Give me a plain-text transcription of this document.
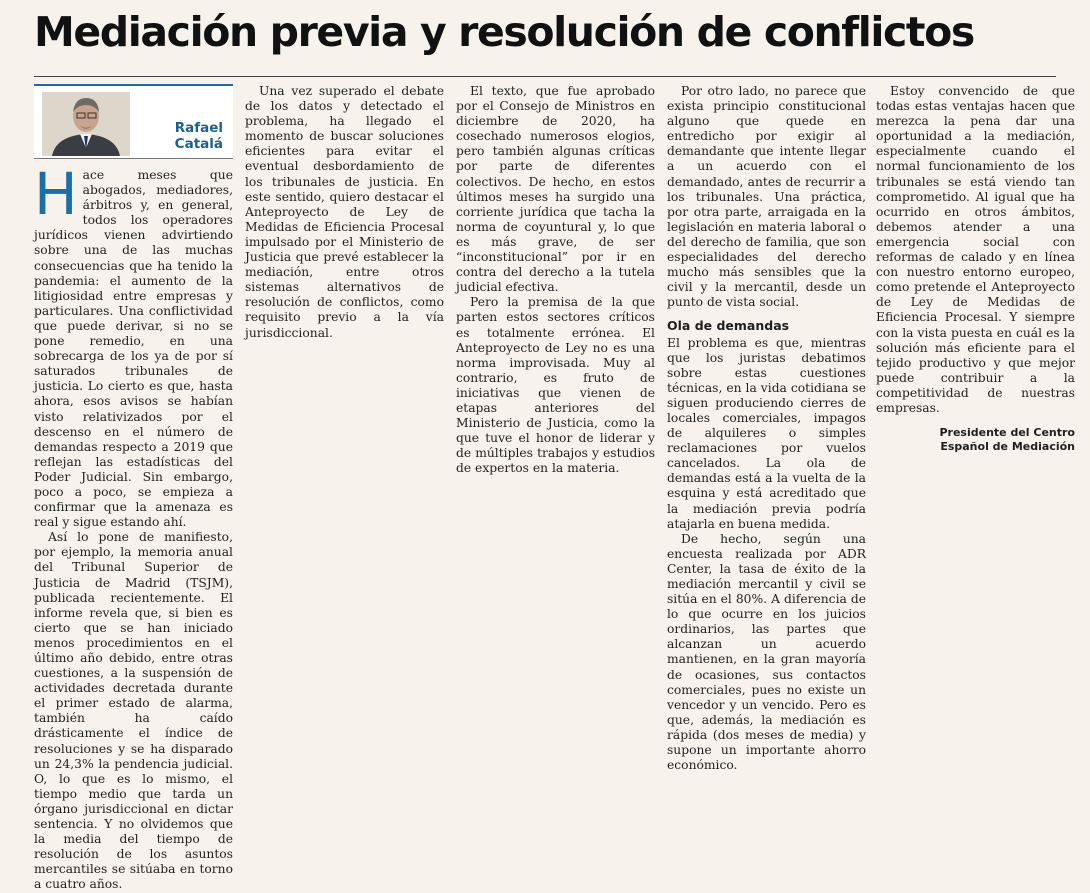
Mediación previa y resolución de conflictos
Rafael
Catalá

Hace meses que abogados, mediadores, árbitros y, en general, todos los operadores jurídicos vienen advirtiendo sobre una de las muchas consecuencias que ha tenido la pandemia: el aumento de la litigiosidad entre empresas y particulares. Una conflictividad que puede derivar, si no se pone remedio, en una sobrecarga de los ya de por sí saturados tribunales de justicia. Lo cierto es que, hasta ahora, esos avisos se habían visto relativizados por el descenso en el número de demandas respecto a 2019 que reflejan las estadísticas del Poder Judicial. Sin embargo, poco a poco, se empieza a confirmar que la amenaza es real y sigue estando ahí.

Así lo pone de manifiesto, por ejemplo, la memoria anual del Tribunal Superior de Justicia de Madrid (TSJM), publicada recientemente. El informe revela que, si bien es cierto que se han iniciado menos procedimientos en el último año debido, entre otras cuestiones, a la suspensión de actividades decretada durante el primer estado de alarma, también ha caído drásticamente el índice de resoluciones y se ha disparado un 24,3% la pendencia judicial. O, lo que es lo mismo, el tiempo medio que tarda un órgano jurisdiccional en dictar sentencia. Y no olvidemos que la media del tiempo de resolución de los asuntos mercantiles se sitúaba en torno a cuatro años.

Una vez superado el debate de los datos y detectado el problema, ha llegado el momento de buscar soluciones eficientes para evitar el eventual desbordamiento de los tribunales de justicia. En este sentido, quiero destacar el Anteproyecto de Ley de Medidas de Eficiencia Procesal impulsado por el Ministerio de Justicia que prevé establecer la mediación, entre otros sistemas alternativos de resolución de conflictos, como requisito previo a la vía jurisdiccional.

El texto, que fue aprobado por el Consejo de Ministros en diciembre de 2020, ha cosechado numerosos elogios, pero también algunas críticas por parte de diferentes colectivos. De hecho, en estos últimos meses ha surgido una corriente jurídica que tacha la norma de coyuntural y, lo que es más grave, de ser “inconstitucional” por ir en contra del derecho a la tutela judicial efectiva.

Pero la premisa de la que parten estos sectores críticos es totalmente errónea. El Anteproyecto de Ley no es una norma improvisada. Muy al contrario, es fruto de iniciativas que vienen de etapas anteriores del Ministerio de Justicia, como la que tuve el honor de liderar y de múltiples trabajos y estudios de expertos en la materia.

Por otro lado, no parece que exista principio constitucional alguno que quede en entredicho por exigir al demandante que intente llegar a un acuerdo con el demandado, antes de recurrir a los tribunales. Una práctica, por otra parte, arraigada en la legislación en materia laboral o del derecho de familia, que son especialidades del derecho mucho más sensibles que la civil y la mercantil, desde un punto de vista social.

Ola de demandas

El problema es que, mientras que los juristas debatimos sobre estas cuestiones técnicas, en la vida cotidiana se siguen produciendo cierres de locales comerciales, impagos de alquileres o simples reclamaciones por vuelos cancelados. La ola de demandas está a la vuelta de la esquina y está acreditado que la mediación previa podría atajarla en buena medida.

De hecho, según una encuesta realizada por ADR Center, la tasa de éxito de la mediación mercantil y civil se sitúa en el 80%. A diferencia de lo que ocurre en los juicios ordinarios, las partes que alcanzan un acuerdo mantienen, en la gran mayoría de ocasiones, sus contactos comerciales, pues no existe un vencedor y un vencido. Pero es que, además, la mediación es rápida (dos meses de media) y supone un importante ahorro económico.

Estoy convencido de que todas estas ventajas hacen que merezca la pena dar una oportunidad a la mediación, especialmente cuando el normal funcionamiento de los tribunales se está viendo tan comprometido. Al igual que ha ocurrido en otros ámbitos, debemos atender a una emergencia social con reformas de calado y en línea con nuestro entorno europeo, como pretende el Anteproyecto de Ley de Medidas de Eficiencia Procesal. Y siempre con la vista puesta en cuál es la solución más eficiente para el tejido productivo y que mejor puede contribuir a la competitividad de nuestras empresas.

Presidente del Centro
Español de Mediación
